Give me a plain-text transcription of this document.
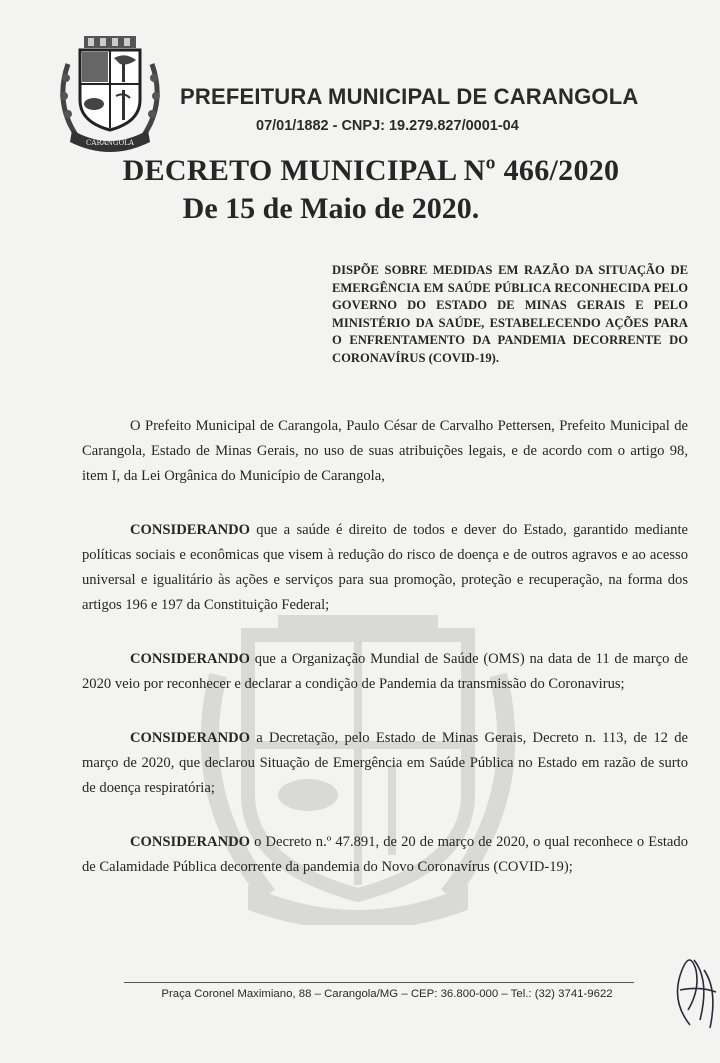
CARANGOLA
PREFEITURA MUNICIPAL DE CARANGOLA
07/01/1882 - CNPJ: 19.279.827/0001-04
DECRETO MUNICIPAL Nº 466/2020
De 15 de Maio de 2020.
DISPÕE SOBRE MEDIDAS EM RAZÃO DA SITUAÇÃO DE EMERGÊNCIA EM SAÚDE PÚBLICA RECONHECIDA PELO GOVERNO DO ESTADO DE MINAS GERAIS E PELO MINISTÉRIO DA SAÚDE, ESTABELECENDO AÇÕES PARA O ENFRENTAMENTO DA PANDEMIA DECORRENTE DO CORONAVÍRUS (COVID-19).

O Prefeito Municipal de Carangola, Paulo César de Carvalho Pettersen, Prefeito Municipal de Carangola, Estado de Minas Gerais, no uso de suas atribuições legais, e de acordo com o artigo 98, item I, da Lei Orgânica do Município de Carangola,

CONSIDERANDO que a saúde é direito de todos e dever do Estado, garantido mediante políticas sociais e econômicas que visem à redução do risco de doença e de outros agravos e ao acesso universal e igualitário às ações e serviços para sua promoção, proteção e recuperação, na forma dos artigos 196 e 197 da Constituição Federal;

CONSIDERANDO que a Organização Mundial de Saúde (OMS) na data de 11 de março de 2020 veio por reconhecer e declarar a condição de Pandemia da transmissão do Coronavirus;

CONSIDERANDO a Decretação, pelo Estado de Minas Gerais, Decreto n. 113, de 12 de março de 2020, que declarou Situação de Emergência em Saúde Pública no Estado em razão de surto de doença respiratória;

CONSIDERANDO o Decreto n.º 47.891, de 20 de março de 2020, o qual reconhece o Estado de Calamidade Pública decorrente da pandemia do Novo Coronavírus (COVID-19);

Praça Coronel Maximiano, 88 – Carangola/MG – CEP: 36.800-000 – Tel.: (32) 3741-9622
